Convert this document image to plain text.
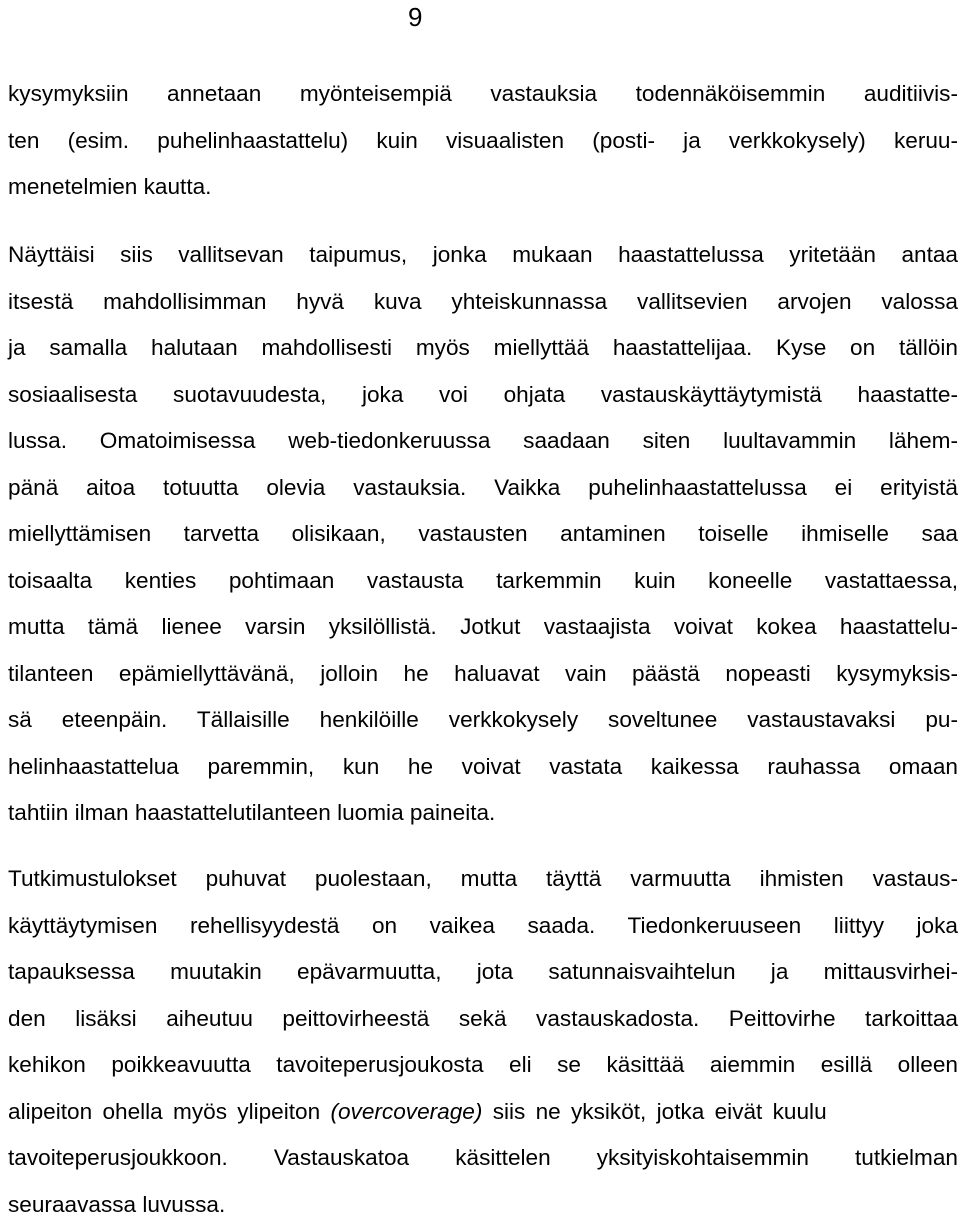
9
kysymyksiin annetaan myönteisempiä vastauksia todennäköisemmin auditiivis-
ten (esim. puhelinhaastattelu) kuin visuaalisten (posti- ja verkkokysely) keruu-
menetelmien kautta.
Näyttäisi siis vallitsevan taipumus, jonka mukaan haastattelussa yritetään antaa
itsestä mahdollisimman hyvä kuva yhteiskunnassa vallitsevien arvojen valossa
ja samalla halutaan mahdollisesti myös miellyttää haastattelijaa. Kyse on tällöin
sosiaalisesta suotavuudesta, joka voi ohjata vastauskäyttäytymistä haastatte-
lussa. Omatoimisessa web-tiedonkeruussa saadaan siten luultavammin lähem-
pänä aitoa totuutta olevia vastauksia. Vaikka puhelinhaastattelussa ei erityistä
miellyttämisen tarvetta olisikaan, vastausten antaminen toiselle ihmiselle saa
toisaalta kenties pohtimaan vastausta tarkemmin kuin koneelle vastattaessa,
mutta tämä lienee varsin yksilöllistä. Jotkut vastaajista voivat kokea haastattelu-
tilanteen epämiellyttävänä, jolloin he haluavat vain päästä nopeasti kysymyksis-
sä eteenpäin. Tällaisille henkilöille verkkokysely soveltunee vastaustavaksi pu-
helinhaastattelua paremmin, kun he voivat vastata kaikessa rauhassa omaan
tahtiin ilman haastattelutilanteen luomia paineita.
Tutkimustulokset puhuvat puolestaan, mutta täyttä varmuutta ihmisten vastaus-
käyttäytymisen rehellisyydestä on vaikea saada. Tiedonkeruuseen liittyy joka
tapauksessa muutakin epävarmuutta, jota satunnaisvaihtelun ja mittausvirhei-
den lisäksi aiheutuu peittovirheestä sekä vastauskadosta. Peittovirhe tarkoittaa
kehikon poikkeavuutta tavoiteperusjoukosta eli se käsittää aiemmin esillä olleen
alipeiton ohella myös ylipeiton (overcoverage) siis ne yksiköt, jotka eivät kuulu
tavoiteperusjoukkoon. Vastauskatoa käsittelen yksityiskohtaisemmin tutkielman
seuraavassa luvussa.
